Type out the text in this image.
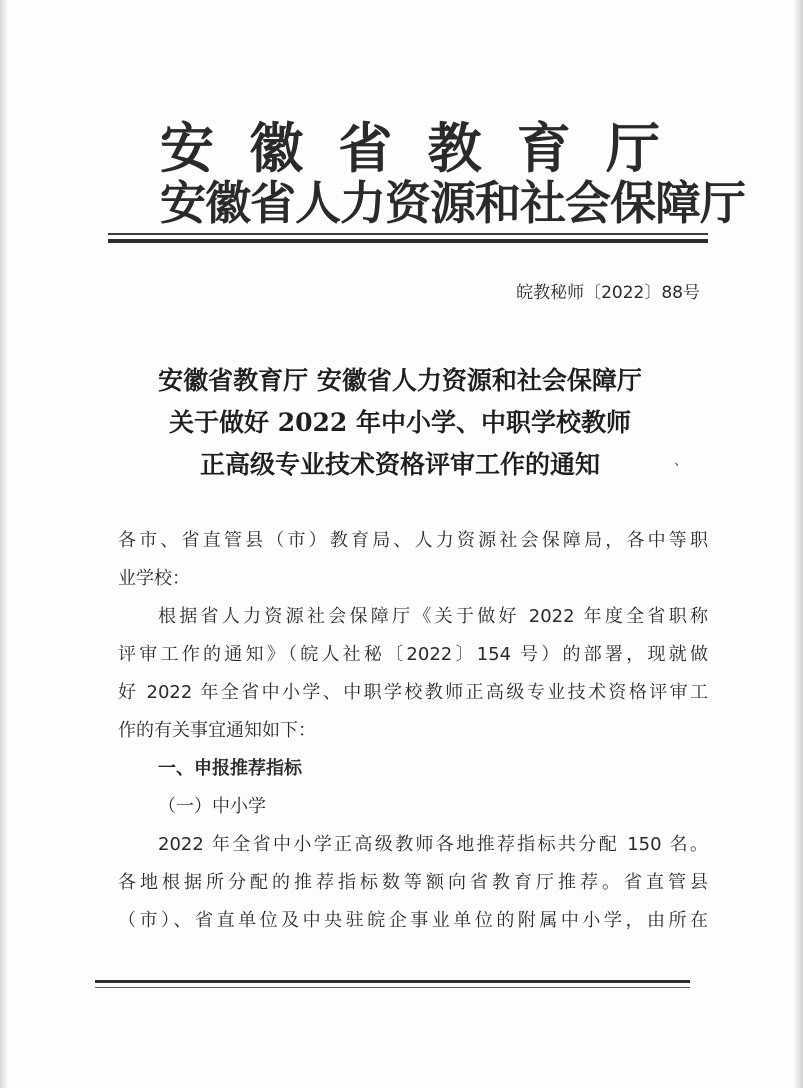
安 徽 省 教 育 厅
安徽省人力资源和社会保障厅
皖教秘师〔2022〕88号
安徽省教育厅 安徽省人力资源和社会保障厅
关于做好 2022 年中小学、中职学校教师
正高级专业技术资格评审工作的通知	、
各市、省直管县（市）教育局、人力资源社会保障局，各中等职
业学校：
根据省人力资源社会保障厅《关于做好 2022 年度全省职称
评审工作的通知》（皖人社秘〔2022〕154 号）的部署，现就做
好 2022 年全省中小学、中职学校教师正高级专业技术资格评审工
作的有关事宜通知如下：
一、申报推荐指标
（一）中小学
2022 年全省中小学正高级教师各地推荐指标共分配 150 名。
各地根据所分配的推荐指标数等额向省教育厅推荐。省直管县
（市）、省直单位及中央驻皖企事业单位的附属中小学，由所在
